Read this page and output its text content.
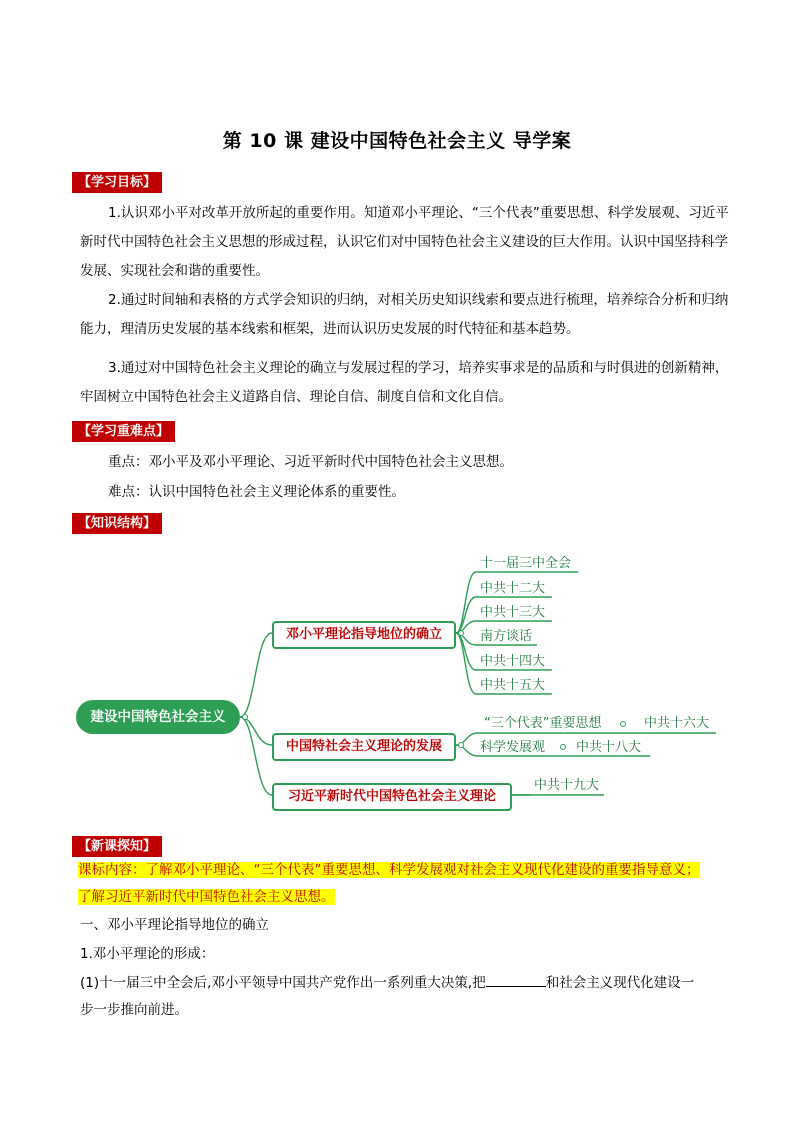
第 10 课 建设中国特色社会主义 导学案
【学习目标】
1.认识邓小平对改革开放所起的重要作用。知道邓小平理论、“三个代表”重要思想、科学发展观、习近平新时代中国特色社会主义思想的形成过程，认识它们对中国特色社会主义建设的巨大作用。认识中国坚持科学发展、实现社会和谐的重要性。
2.通过时间轴和表格的方式学会知识的归纳，对相关历史知识线索和要点进行梳理，培养综合分析和归纳能力，理清历史发展的基本线索和框架，进而认识历史发展的时代特征和基本趋势。
3.通过对中国特色社会主义理论的确立与发展过程的学习，培养实事求是的品质和与时俱进的创新精神，牢固树立中国特色社会主义道路自信、理论自信、制度自信和文化自信。
【学习重难点】
重点：邓小平及邓小平理论、习近平新时代中国特色社会主义思想。
难点：认识中国特色社会主义理论体系的重要性。
【知识结构】
建设中国特色社会主义
邓小平理论指导地位的确立
中国特社会主义理论的发展
习近平新时代中国特色社会主义理论
十一届三中全会
中共十二大
中共十三大
南方谈话
中共十四大
中共十五大
“三个代表”重要思想	中共十六大
科学发展观 中共十八大
中共十九大
【新课探知】
课标内容：了解邓小平理论、“三个代表”重要思想、科学发展观对社会主义现代化建设的重要指导意义；
了解习近平新时代中国特色社会主义思想。
一、邓小平理论指导地位的确立
1.邓小平理论的形成：
(1)十一届三中全会后,邓小平领导中国共产党作出一系列重大决策,把	和社会主义现代化建设一
步一步推向前进。
